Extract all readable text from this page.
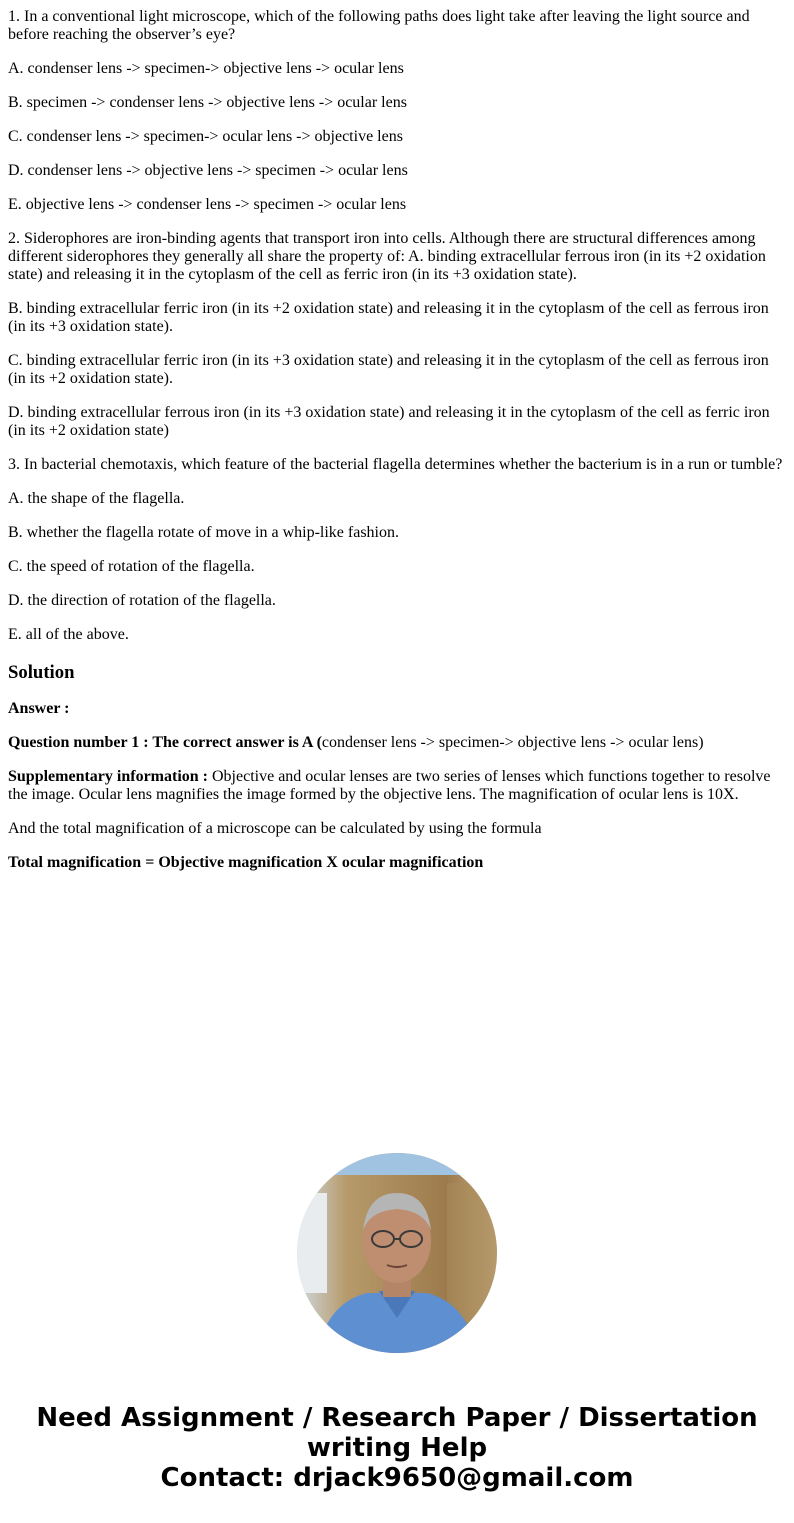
1. In a conventional light microscope, which of the following paths does light take after leaving the light source and before reaching the observer’s eye?

A. condenser lens -> specimen-> objective lens -> ocular lens

B. specimen -> condenser lens -> objective lens -> ocular lens

C. condenser lens -> specimen-> ocular lens -> objective lens

D. condenser lens -> objective lens -> specimen -> ocular lens

E. objective lens -> condenser lens -> specimen -> ocular lens

2. Siderophores are iron-binding agents that transport iron into cells. Although there are structural differences among different siderophores they generally all share the property of: A. binding extracellular ferrous iron (in its +2 oxidation state) and releasing it in the cytoplasm of the cell as ferric iron (in its +3 oxidation state).

B. binding extracellular ferric iron (in its +2 oxidation state) and releasing it in the cytoplasm of the cell as ferrous iron (in its +3 oxidation state).

C. binding extracellular ferric iron (in its +3 oxidation state) and releasing it in the cytoplasm of the cell as ferrous iron (in its +2 oxidation state).

D. binding extracellular ferrous iron (in its +3 oxidation state) and releasing it in the cytoplasm of the cell as ferric iron (in its +2 oxidation state)

3. In bacterial chemotaxis, which feature of the bacterial flagella determines whether the bacterium is in a run or tumble?

A. the shape of the flagella.

B. whether the flagella rotate of move in a whip-like fashion.

C. the speed of rotation of the flagella.

D. the direction of rotation of the flagella.

E. all of the above.

Solution

Answer :

Question number 1 : The correct answer is A (condenser lens -> specimen-> objective lens -> ocular lens)

Supplementary information : Objective and ocular lenses are two series of lenses which functions together to resolve the image. Ocular lens magnifies the image formed by the objective lens. The magnification of ocular lens is 10X.

And the total magnification of a microscope can be calculated by using the formula

Total magnification = Objective magnification X ocular magnification

Need Assignment / Research Paper / Dissertation writing Help
Contact: drjack9650@gmail.com
